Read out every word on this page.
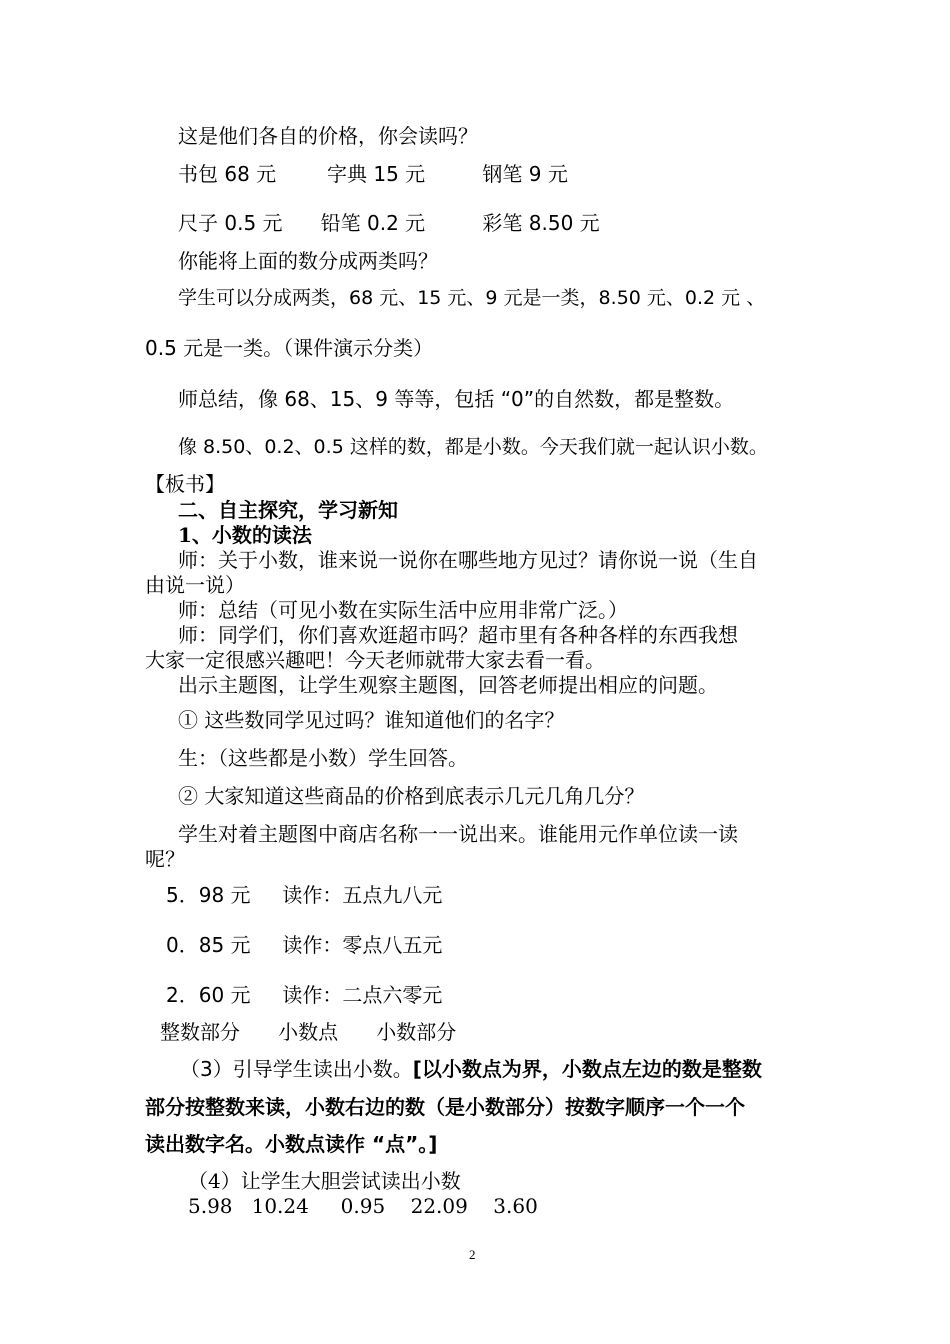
这是他们各自的价格，你会读吗？
书包 68 元        字典 15 元         钢笔 9 元
尺子 0.5 元      铅笔 0.2 元         彩笔 8.50 元
你能将上面的数分成两类吗？
学生可以分成两类，68 元、15 元、9 元是一类，8.50 元、0.2 元 、
0.5 元是一类。（课件演示分类）
师总结，像 68、15、9 等等，包括 “0”的自然数，都是整数。
像 8.50、0.2、0.5 这样的数，都是小数。今天我们就一起认识小数。
【板书】
二、自主探究，学习新知
1、小数的读法
师：关于小数，谁来说一说你在哪些地方见过？请你说一说（生自
由说一说）
师：总结（可见小数在实际生活中应用非常广泛。）
师：同学们，你们喜欢逛超市吗？超市里有各种各样的东西我想
大家一定很感兴趣吧！今天老师就带大家去看一看。
出示主题图，让学生观察主题图，回答老师提出相应的问题。
① 这些数同学见过吗？谁知道他们的名字？
生：（这些都是小数）学生回答。
② 大家知道这些商品的价格到底表示几元几角几分？
学生对着主题图中商店名称一一说出来。谁能用元作单位读一读
呢？
5．98 元     读作：五点九八元
0．85 元     读作：零点八五元
2．60 元     读作：二点六零元
整数部分      小数点      小数部分
（3）引导学生读出小数。[以小数点为界，小数点左边的数是整数
部分按整数来读，小数右边的数（是小数部分）按数字顺序一个一个
读出数字名。小数点读作 “点”。]
（4）让学生大胆尝试读出小数
5.98   10.24     0.95    22.09    3.60
2
